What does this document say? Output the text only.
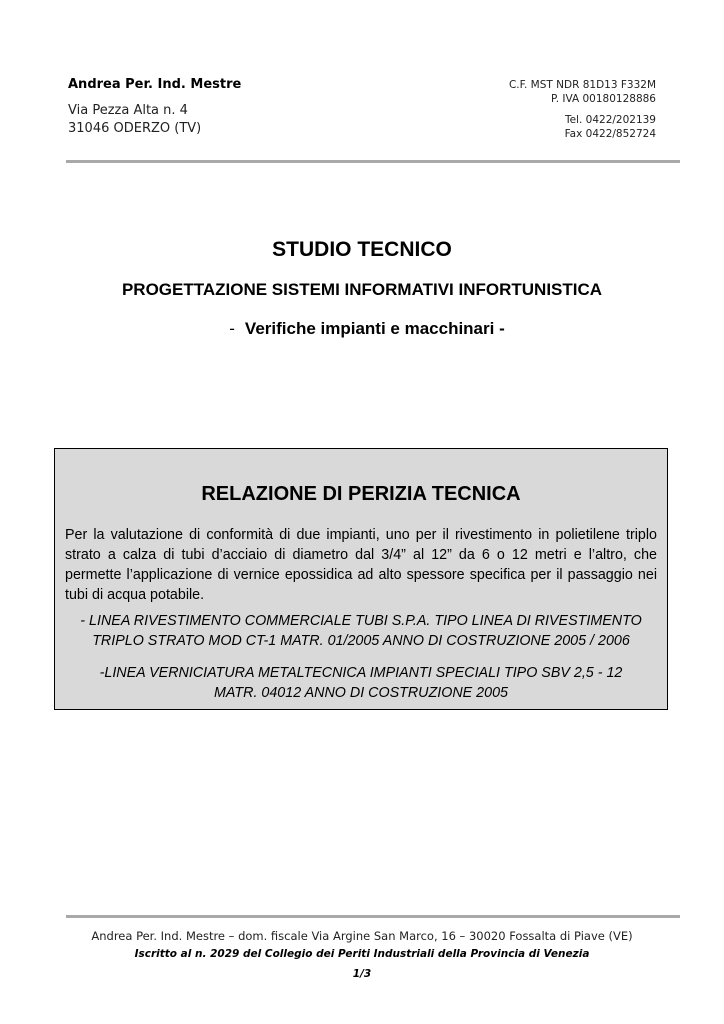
Andrea Per. Ind. Mestre
Via Pezza Alta n. 4
31046 ODERZO (TV)
C.F. MST NDR 81D13 F332M
P. IVA 00180128886
Tel. 0422/202139
Fax 0422/852724
STUDIO TECNICO
PROGETTAZIONE SISTEMI INFORMATIVI INFORTUNISTICA
- Verifiche impianti e macchinari -
RELAZIONE DI PERIZIA TECNICA
Per la valutazione di conformità di due impianti, uno per il rivestimento in polietilene triplo strato a calza di tubi d’acciaio di diametro dal 3/4” al 12” da 6 o 12 metri e l’altro, che permette l’applicazione di vernice epossidica ad alto spessore specifica per il passaggio nei tubi di acqua potabile.
- LINEA RIVESTIMENTO COMMERCIALE TUBI S.P.A. TIPO LINEA DI RIVESTIMENTO
TRIPLO STRATO MOD CT-1 MATR. 01/2005 ANNO DI COSTRUZIONE 2005 / 2006
-LINEA VERNICIATURA METALTECNICA IMPIANTI SPECIALI TIPO SBV 2,5 - 12
MATR. 04012 ANNO DI COSTRUZIONE 2005
Andrea Per. Ind. Mestre – dom. fiscale Via Argine San Marco, 16 – 30020 Fossalta di Piave (VE)
Iscritto al n. 2029 del Collegio dei Periti Industriali della Provincia di Venezia
1/3
